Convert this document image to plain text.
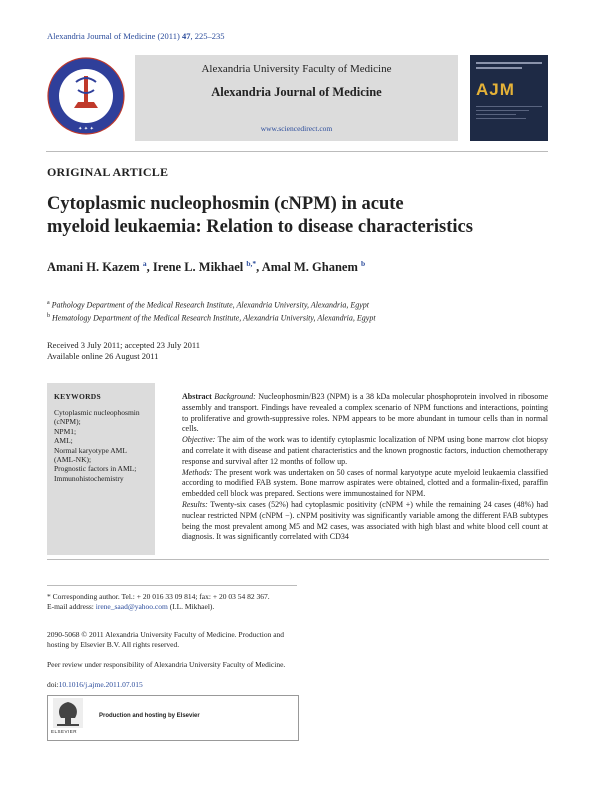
Alexandria Journal of Medicine (2011) 47, 225–235
✦ ✦ ✦
Alexandria University Faculty of Medicine
Alexandria Journal of Medicine
www.sciencedirect.com
AJM
ORIGINAL ARTICLE
Cytoplasmic nucleophosmin (cNPM) in acute
myeloid leukaemia: Relation to disease characteristics
Amani H. Kazem $^a$, Irene L. Mikhael $^{b,*}$, Amal M. Ghanem $^b$
$^a$ Pathology Department of the Medical Research Institute, Alexandria University, Alexandria, Egypt
$^b$ Hematology Department of the Medical Research Institute, Alexandria University, Alexandria, Egypt
Received 3 July 2011; accepted 23 July 2011
Available online 26 August 2011
KEYWORDS
Cytoplasmic nucleophosmin
(cNPM);
NPM1;
AML;
Normal karyotype AML
(AML-NK);
Prognostic factors in AML;
Immunohistochemistry

Abstract Background: Nucleophosmin/B23 (NPM) is a 38 kDa molecular phosphoprotein involved in ribosome assembly and transport. Findings have revealed a complex scenario of NPM functions and interactions, pointing to proliferative and growth-suppressive roles. NPM appears to be more abundant in tumour cells than in normal cells.

Objective: The aim of the work was to identify cytoplasmic localization of NPM using bone marrow clot biopsy and correlate it with disease and patient characteristics and the known prognostic factors, induction chemotherapy response and survival after 12 months of follow up.

Methods: The present work was undertaken on 50 cases of normal karyotype acute myeloid leukaemia classified according to modified FAB system. Bone marrow aspirates were obtained, clotted and a formalin-fixed, paraffin embedded cell block was prepared. Sections were immunostained for NPM.

Results: Twenty-six cases (52%) had cytoplasmic positivity (cNPM +) while the remaining 24 cases (48%) had nuclear restricted NPM (cNPM −). cNPM positivity was significantly variable among the different FAB subtypes being the most prevalent among M5 and M2 cases, was associated with high blast and white blood cell count at diagnosis. It was significantly correlated with CD34

* Corresponding author. Tel.: + 20 016 33 09 814; fax: + 20 03 54 82 367.
E-mail address: irene_saad@yahoo.com (I.L. Mikhael).
2090-5068 © 2011 Alexandria University Faculty of Medicine. Production and hosting by Elsevier B.V. All rights reserved.
Peer review under responsibility of Alexandria University Faculty of Medicine.
doi:10.1016/j.ajme.2011.07.015
ELSEVIER
Production and hosting by Elsevier
